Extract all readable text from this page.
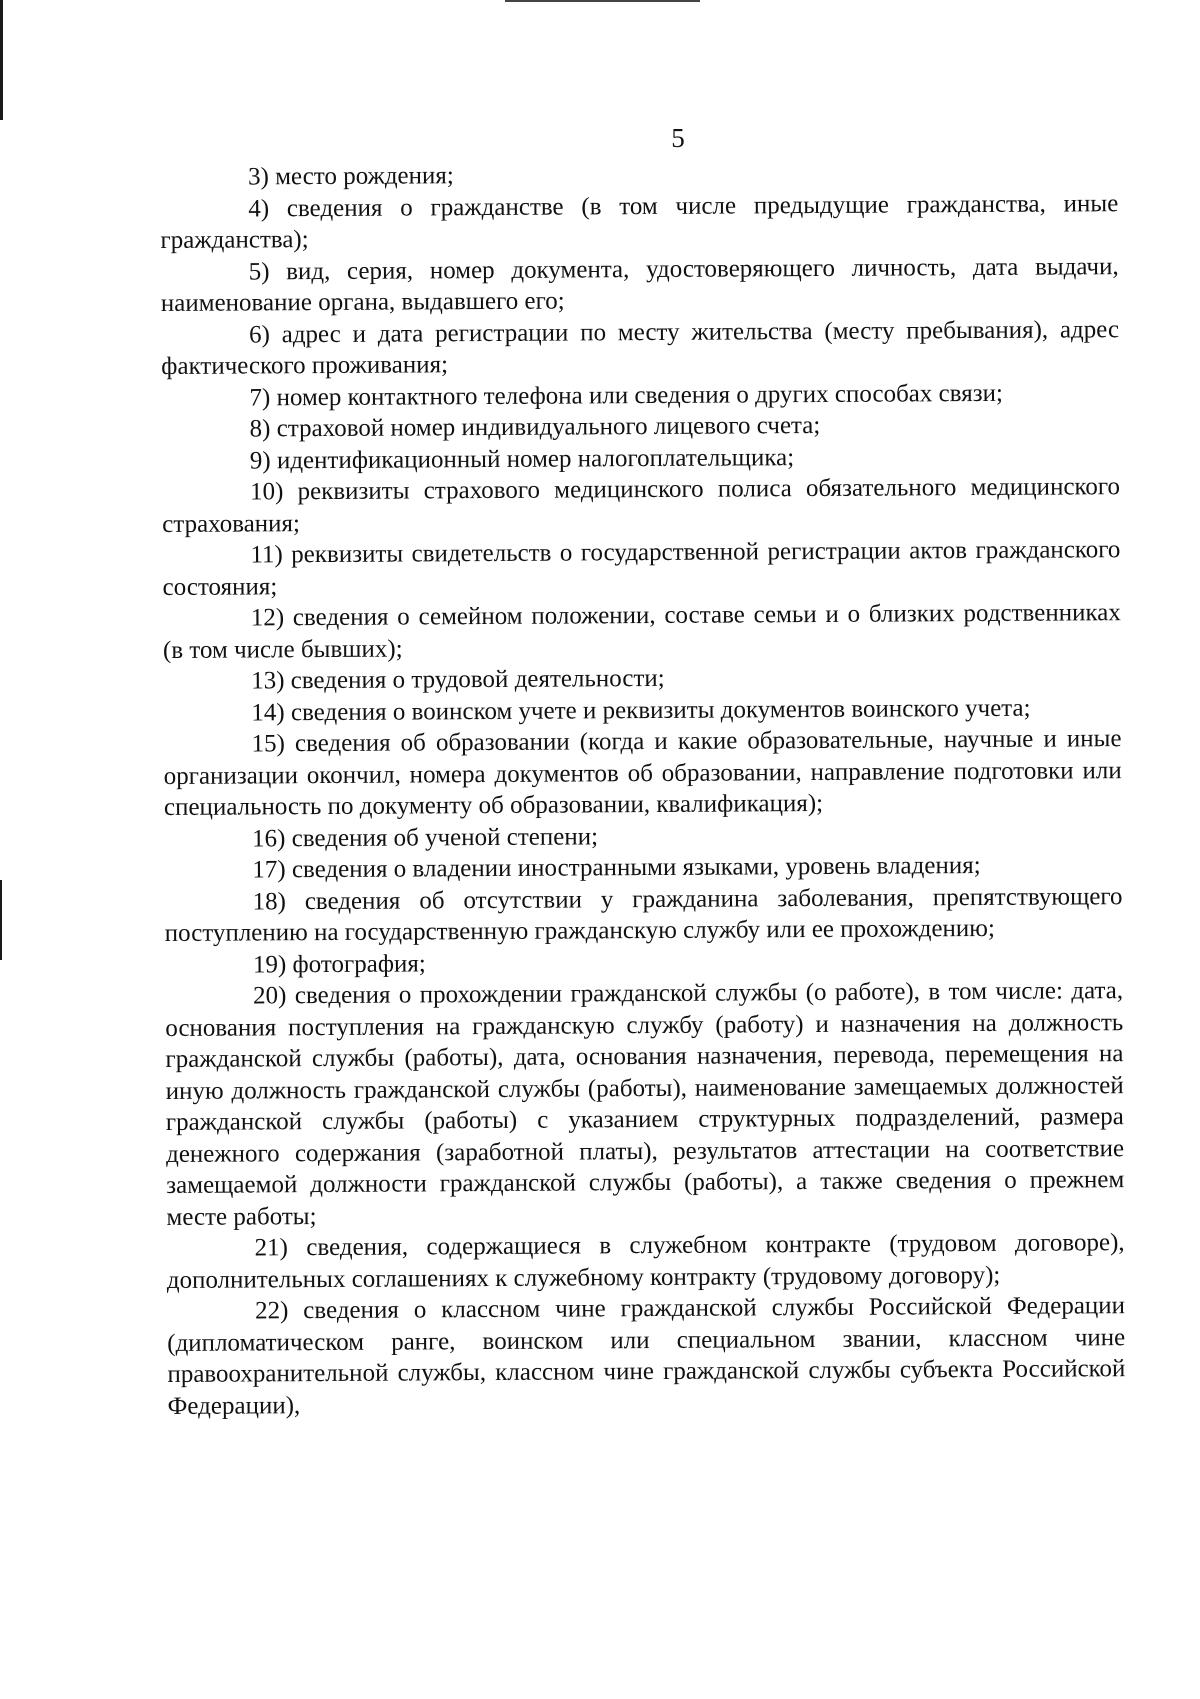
5

3) место рождения;

4) сведения о гражданстве (в том числе предыдущие гражданства, иные гражданства);

5) вид, серия, номер документа, удостоверяющего личность, дата выдачи, наименование органа, выдавшего его;

6) адрес и дата регистрации по месту жительства (месту пребывания), адрес фактического проживания;

7) номер контактного телефона или сведения о других способах связи;

8) страховой номер индивидуального лицевого счета;

9) идентификационный номер налогоплательщика;

10) реквизиты страхового медицинского полиса обязательного медицинского страхования;

11) реквизиты свидетельств о государственной регистрации актов гражданского состояния;

12) сведения о семейном положении, составе семьи и о близких родственниках (в том числе бывших);

13) сведения о трудовой деятельности;

14) сведения о воинском учете и реквизиты документов воинского учета;

15) сведения об образовании (когда и какие образовательные, научные и иные организации окончил, номера документов об образовании, направление подготовки или специальность по документу об образовании, квалификация);

16) сведения об ученой степени;

17) сведения о владении иностранными языками, уровень владения;

18) сведения об отсутствии у гражданина заболевания, препятствующего поступлению на государственную гражданскую службу или ее прохождению;

19) фотография;

20) сведения о прохождении гражданской службы (о работе), в том числе: дата, основания поступления на гражданскую службу (работу) и назначения на должность гражданской службы (работы), дата, основания назначения, перевода, перемещения на иную должность гражданской службы (работы), наименование замещаемых должностей гражданской службы (работы) с указанием структурных подразделений, размера денежного содержания (заработной платы), результатов аттестации на соответствие замещаемой должности гражданской службы (работы), а также сведения о прежнем месте работы;

21) сведения, содержащиеся в служебном контракте (трудовом договоре), дополнительных соглашениях к служебному контракту (трудовому договору);

22) сведения о классном чине гражданской службы Российской Федерации (дипломатическом ранге, воинском или специальном звании, классном чине правоохранительной службы, классном чине гражданской службы субъекта Российской Федерации),
